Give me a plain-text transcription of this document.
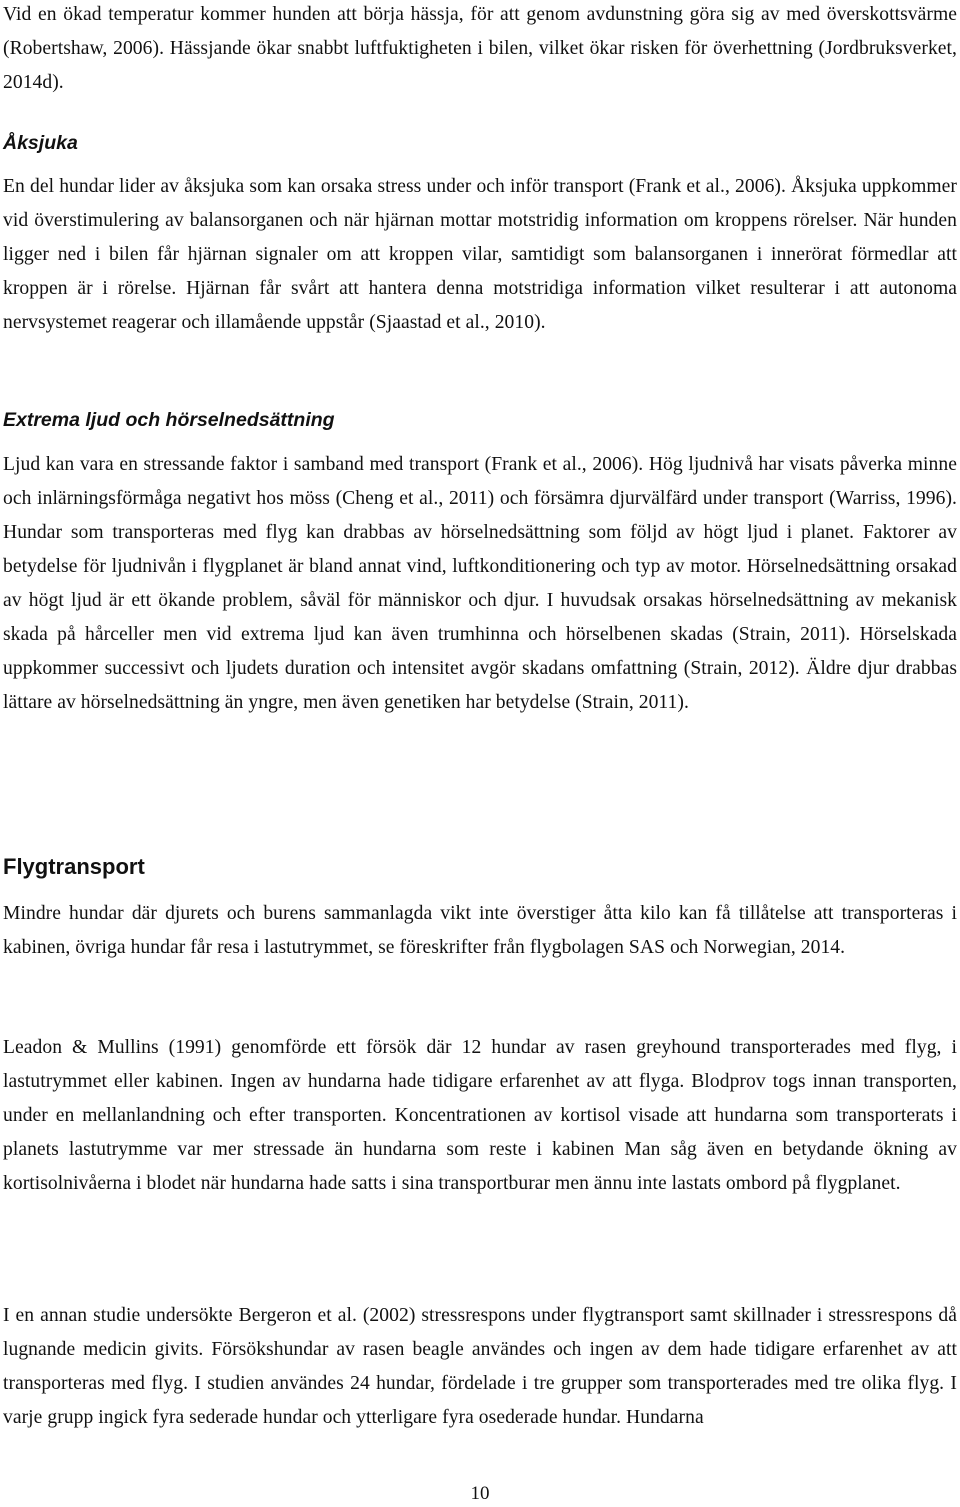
Vid en ökad temperatur kommer hunden att börja hässja, för att genom avdunstning göra sig av med överskottsvärme (Robertshaw, 2006). Hässjande ökar snabbt luftfuktigheten i bilen, vilket ökar risken för överhettning (Jordbruksverket, 2014d).

Åksjuka

En del hundar lider av åksjuka som kan orsaka stress under och inför transport (Frank et al., 2006). Åksjuka uppkommer vid överstimulering av balansorganen och när hjärnan mottar motstridig information om kroppens rörelser. När hunden ligger ned i bilen får hjärnan signaler om att kroppen vilar, samtidigt som balansorganen i innerörat förmedlar att kroppen är i rörelse. Hjärnan får svårt att hantera denna motstridiga information vilket resulterar i att autonoma nervsystemet reagerar och illamående uppstår (Sjaastad et al., 2010).

Extrema ljud och hörselnedsättning

Ljud kan vara en stressande faktor i samband med transport (Frank et al., 2006). Hög ljudnivå har visats påverka minne och inlärningsförmåga negativt hos möss (Cheng et al., 2011) och försämra djurvälfärd under transport (Warriss, 1996). Hundar som transporteras med flyg kan drabbas av hörselnedsättning som följd av högt ljud i planet. Faktorer av betydelse för ljudnivån i flygplanet är bland annat vind, luftkonditionering och typ av motor. Hörselnedsättning orsakad av högt ljud är ett ökande problem, såväl för människor och djur. I huvudsak orsakas hörselnedsättning av mekanisk skada på hårceller men vid extrema ljud kan även trumhinna och hörselbenen skadas (Strain, 2011). Hörselskada uppkommer successivt och ljudets duration och intensitet avgör skadans omfattning (Strain, 2012). Äldre djur drabbas lättare av hörselnedsättning än yngre, men även genetiken har betydelse (Strain, 2011).

Flygtransport

Mindre hundar där djurets och burens sammanlagda vikt inte överstiger åtta kilo kan få tillåtelse att transporteras i kabinen, övriga hundar får resa i lastutrymmet, se föreskrifter från flygbolagen SAS och Norwegian, 2014.

Leadon & Mullins (1991) genomförde ett försök där 12 hundar av rasen greyhound transporterades med flyg, i lastutrymmet eller kabinen. Ingen av hundarna hade tidigare erfarenhet av att flyga. Blodprov togs innan transporten, under en mellanlandning och efter transporten. Koncentrationen av kortisol visade att hundarna som transporterats i planets lastutrymme var mer stressade än hundarna som reste i kabinen Man såg även en betydande ökning av kortisolnivåerna i blodet när hundarna hade satts i sina transportburar men ännu inte lastats ombord på flygplanet.

I en annan studie undersökte Bergeron et al. (2002) stressrespons under flygtransport samt skillnader i stressrespons då lugnande medicin givits. Försökshundar av rasen beagle användes och ingen av dem hade tidigare erfarenhet av att transporteras med flyg. I studien användes 24 hundar, fördelade i tre grupper som transporterades med tre olika flyg. I varje grupp ingick fyra sederade hundar och ytterligare fyra osederade hundar. Hundarna

10
